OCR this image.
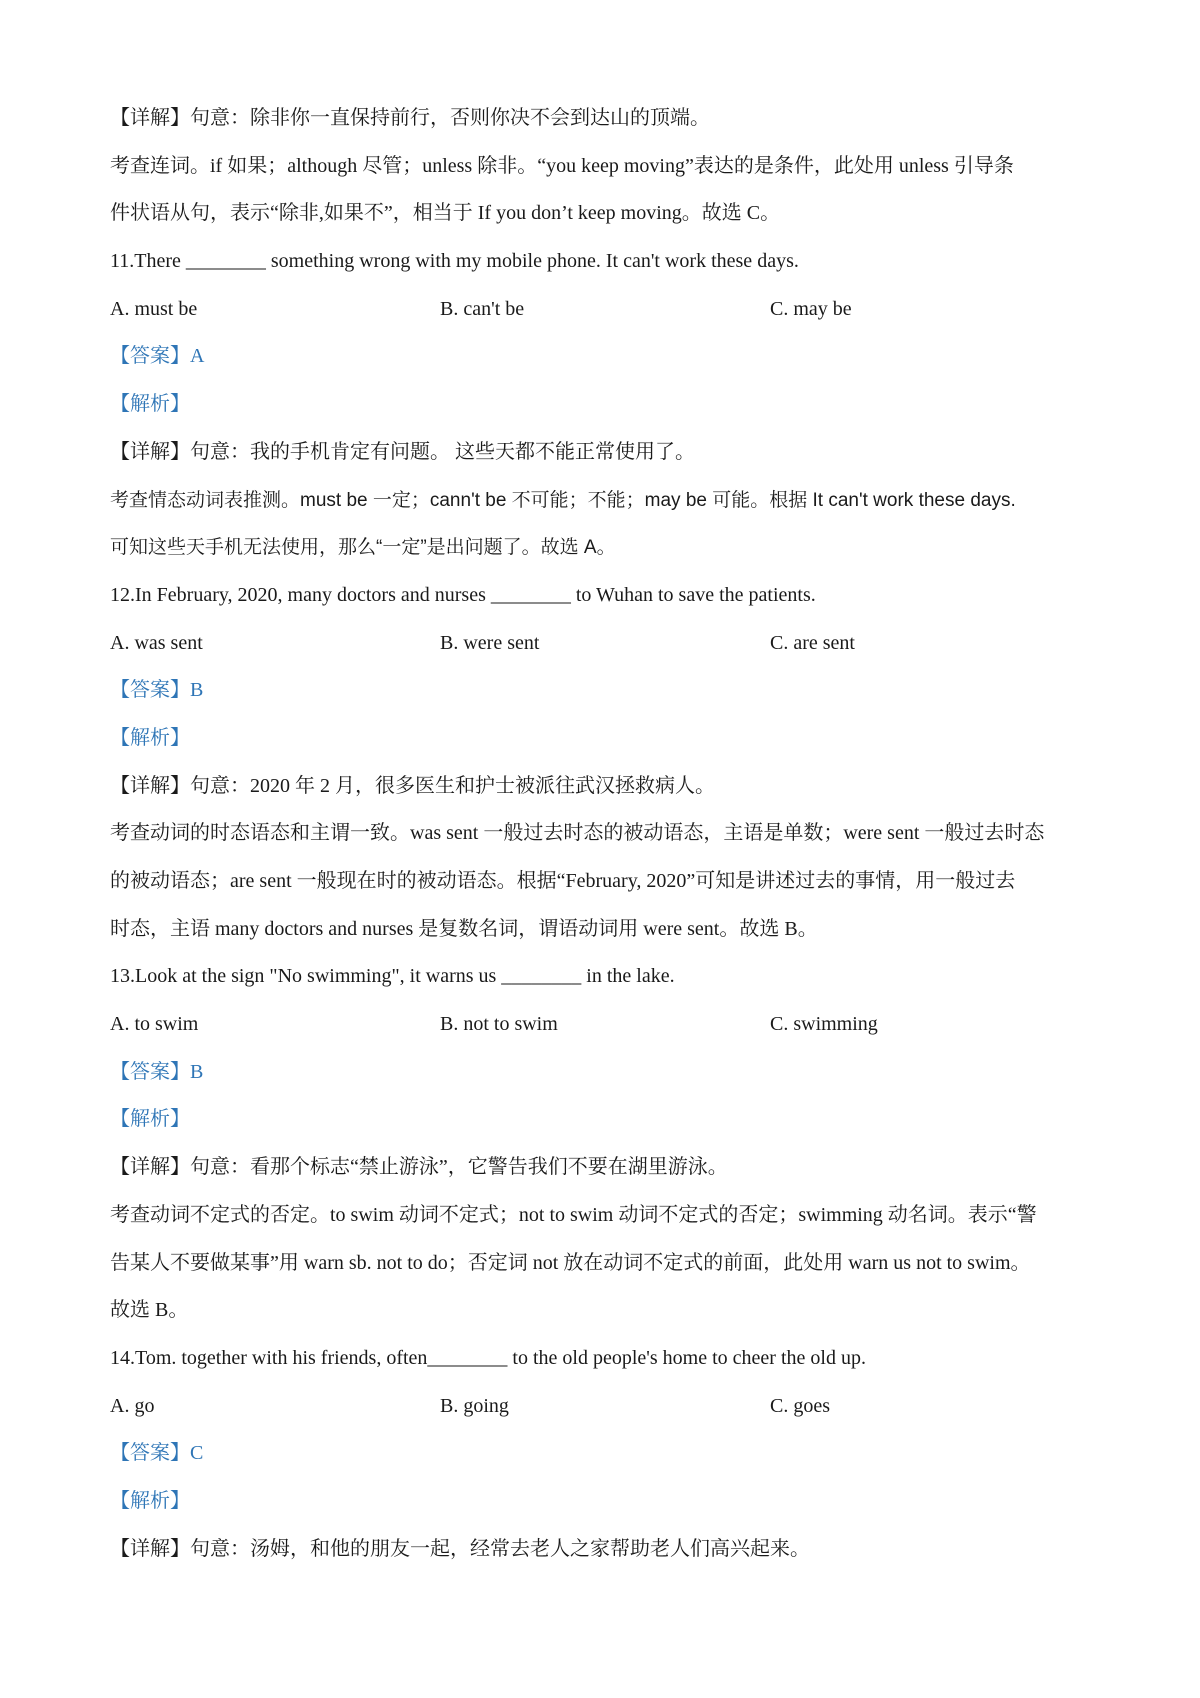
【详解】句意：除非你一直保持前行，否则你决不会到达山的顶端。
考查连词。if 如果；although 尽管；unless 除非。“you keep moving”表达的是条件，此处用 unless 引导条
件状语从句，表示“除非,如果不”，相当于 If you don’t keep moving。故选 C。
11.There ________ something wrong with my mobile phone. It can't work these days.
A. must be	B. can't be	C. may be
【答案】A
【解析】
【详解】句意：我的手机肯定有问题。 这些天都不能正常使用了。
考查情态动词表推测。must be 一定；cann't be 不可能；不能；may be 可能。根据 It can't work these days.
可知这些天手机无法使用，那么“一定”是出问题了。故选 A。
12.In February, 2020, many doctors and nurses ________ to Wuhan to save the patients.
A. was sent	B. were sent	C. are sent
【答案】B
【解析】
【详解】句意：2020 年 2 月，很多医生和护士被派往武汉拯救病人。
考查动词的时态语态和主谓一致。was sent 一般过去时态的被动语态，主语是单数；were sent 一般过去时态
的被动语态；are sent 一般现在时的被动语态。根据“February, 2020”可知是讲述过去的事情，用一般过去
时态，主语 many doctors and nurses 是复数名词，谓语动词用 were sent。故选 B。
13.Look at the sign "No swimming", it warns us ________ in the lake.
A. to swim	B. not to swim	C. swimming
【答案】B
【解析】
【详解】句意：看那个标志“禁止游泳”，它警告我们不要在湖里游泳。
考查动词不定式的否定。to swim 动词不定式；not to swim 动词不定式的否定；swimming 动名词。表示“警
告某人不要做某事”用 warn sb. not to do；否定词 not 放在动词不定式的前面，此处用 warn us not to swim。
故选 B。
14.Tom. together with his friends, often________ to the old people's home to cheer the old up.
A. go	B. going	C. goes
【答案】C
【解析】
【详解】句意：汤姆，和他的朋友一起，经常去老人之家帮助老人们高兴起来。
